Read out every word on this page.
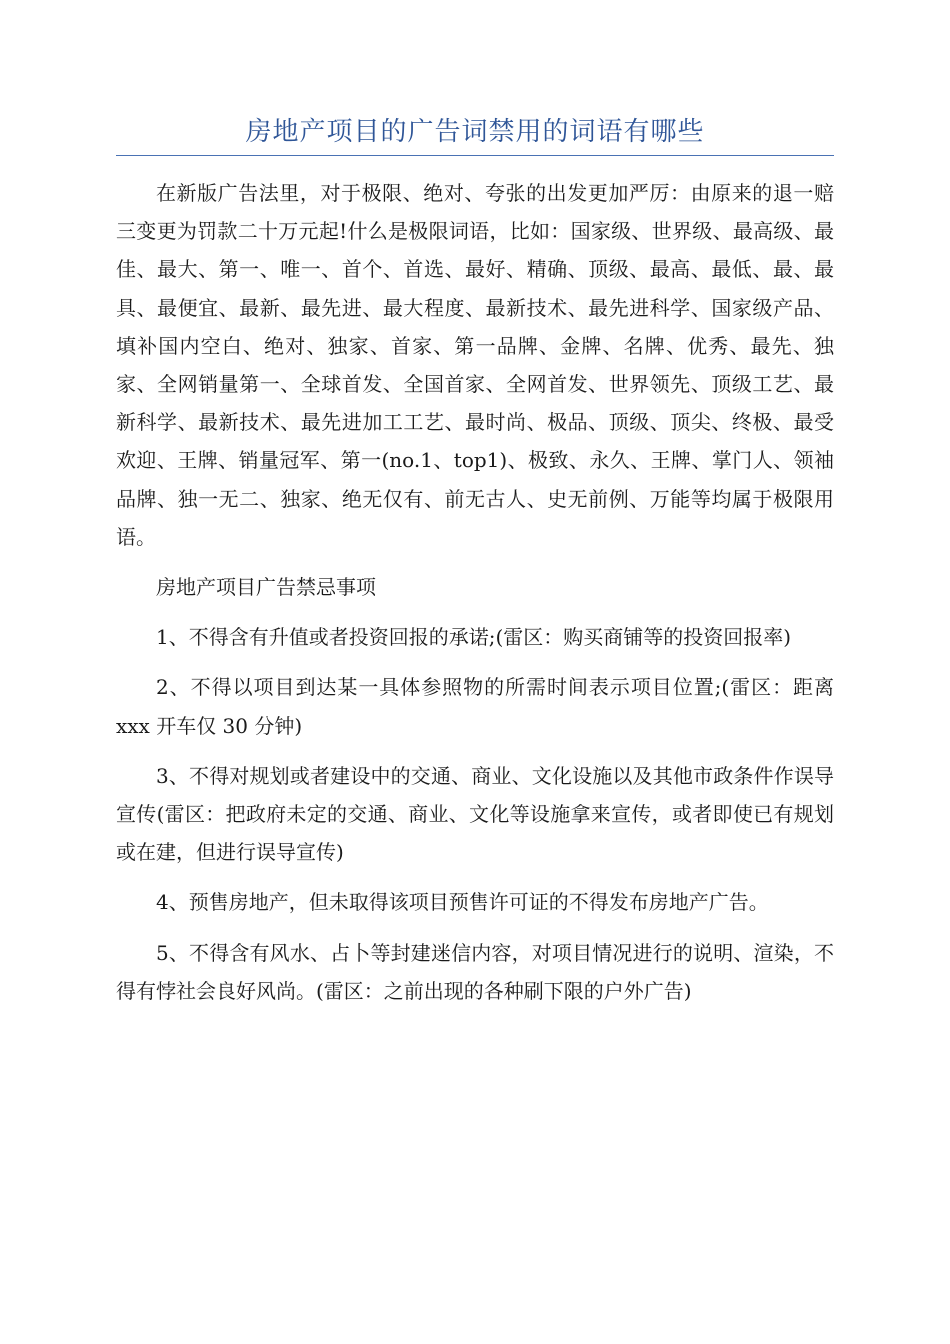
房地产项目的广告词禁用的词语有哪些

在新版广告法里，对于极限、绝对、夸张的出发更加严厉：由原来的退一赔三变更为罚款二十万元起!什么是极限词语，比如：国家级、世界级、最高级、最佳、最大、第一、唯一、首个、首选、最好、精确、顶级、最高、最低、最、最具、最便宜、最新、最先进、最大程度、最新技术、最先进科学、国家级产品、填补国内空白、绝对、独家、首家、第一品牌、金牌、名牌、优秀、最先、独家、全网销量第一、全球首发、全国首家、全网首发、世界领先、顶级工艺、最新科学、最新技术、最先进加工工艺、最时尚、极品、顶级、顶尖、终极、最受欢迎、王牌、销量冠军、第一(no.1、top1)、极致、永久、王牌、掌门人、领袖品牌、独一无二、独家、绝无仅有、前无古人、史无前例、万能等均属于极限用语。

房地产项目广告禁忌事项

1、不得含有升值或者投资回报的承诺;(雷区：购买商铺等的投资回报率)

2、不得以项目到达某一具体参照物的所需时间表示项目位置;(雷区：距离 xxx 开车仅 30 分钟)

3、不得对规划或者建设中的交通、商业、文化设施以及其他市政条件作误导宣传(雷区：把政府未定的交通、商业、文化等设施拿来宣传，或者即使已有规划或在建，但进行误导宣传)

4、预售房地产，但未取得该项目预售许可证的不得发布房地产广告。

5、不得含有风水、占卜等封建迷信内容，对项目情况进行的说明、渲染，不得有悖社会良好风尚。(雷区：之前出现的各种刷下限的户外广告)
